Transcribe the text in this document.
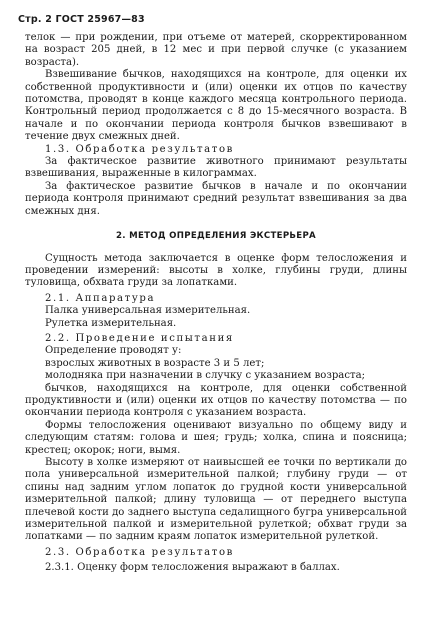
Стр. 2 ГОСТ 25967—83

телок — при рождении, при отъеме от матерей, скорректированном на возраст 205 дней, в 12 мес и при первой случке (с указанием возраста).

Взвешивание бычков, находящихся на контроле, для оценки их собственной продуктивности и (или) оценки их отцов по качеству потомства, проводят в конце каждого месяца контрольного периода. Контрольный период продолжается с 8 до 15-месячного возраста. В начале и по окончании периода контроля бычков взвешивают в течение двух смежных дней.

1.3. Обработка результатов

За фактическое развитие животного принимают результаты взвешивания, выраженные в килограммах.

За фактическое развитие бычков в начале и по окончании периода контроля принимают средний результат взвешивания за два смежных дня.

2. МЕТОД ОПРЕДЕЛЕНИЯ ЭКСТЕРЬЕРА

Сущность метода заключается в оценке форм телосложения и проведении измерений: высоты в холке, глубины груди, длины туловища, обхвата груди за лопатками.

2.1. Аппаратура

Палка универсальная измерительная.

Рулетка измерительная.

2.2. Проведение испытания

Определение проводят у:

взрослых животных в возрасте 3 и 5 лет;

молодняка при назначении в случку с указанием возраста;

бычков, находящихся на контроле, для оценки собственной продуктивности и (или) оценки их отцов по качеству потомства — по окончании периода контроля с указанием возраста.

Формы телосложения оценивают визуально по общему виду и следующим статям: голова и шея; грудь; холка, спина и поясница; крестец; окорок; ноги, вымя.

Высоту в холке измеряют от наивысшей ее точки по вертикали до пола универсальной измерительной палкой; глубину груди — от спины над задним углом лопаток до грудной кости универсальной измерительной палкой; длину туловища — от переднего выступа плечевой кости до заднего выступа седалищного бугра универсальной измерительной палкой и измерительной рулеткой; обхват груди за лопатками — по задним краям лопаток измерительной рулеткой.

2.3. Обработка результатов

2.3.1. Оценку форм телосложения выражают в баллах.
